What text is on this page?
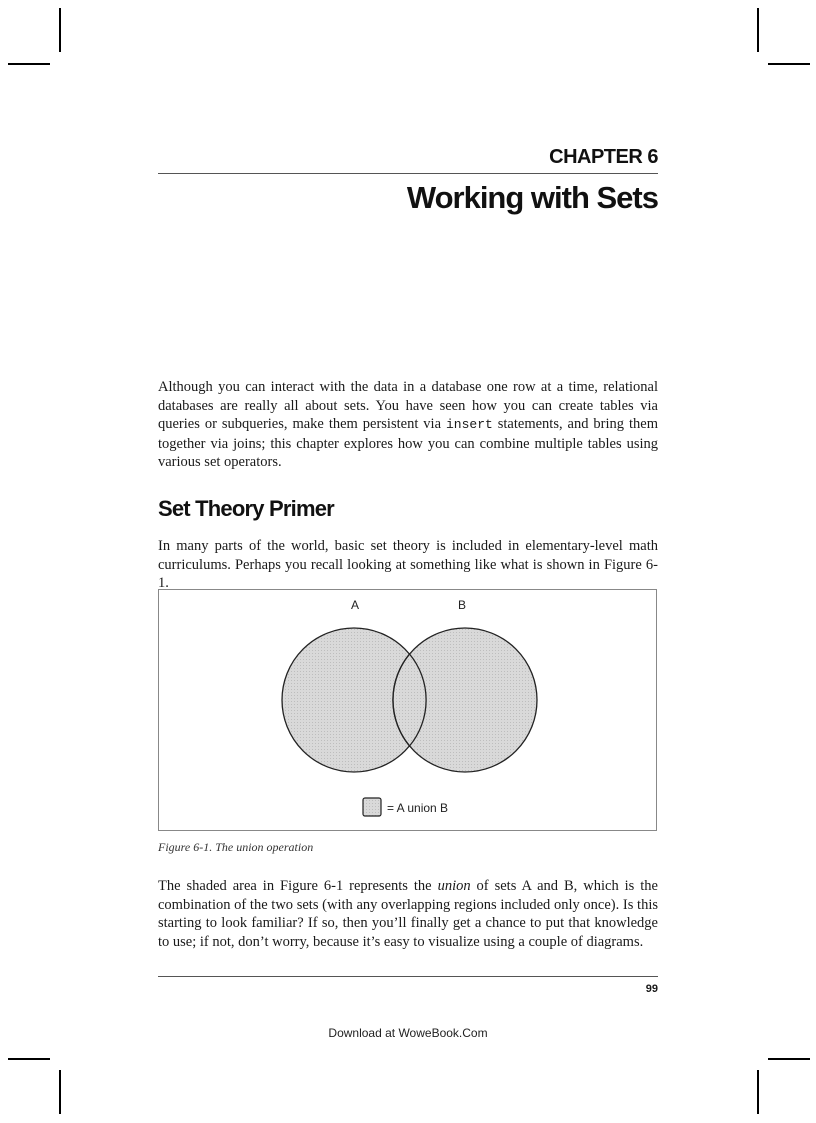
CHAPTER 6
Working with Sets

Although you can interact with the data in a database one row at a time, relational databases are really all about sets. You have seen how you can create tables via queries or subqueries, make them persistent via insert statements, and bring them together via joins; this chapter explores how you can combine multiple tables using various set operators.

Set Theory Primer

In many parts of the world, basic set theory is included in elementary-level math curriculums. Perhaps you recall looking at something like what is shown in Figure 6-1.

A	B
= A union B
Figure 6-1. The union operation

The shaded area in Figure 6-1 represents the union of sets A and B, which is the combination of the two sets (with any overlapping regions included only once). Is this starting to look familiar? If so, then you’ll finally get a chance to put that knowledge to use; if not, don’t worry, because it’s easy to visualize using a couple of diagrams.

99
Download at WoweBook.Com
